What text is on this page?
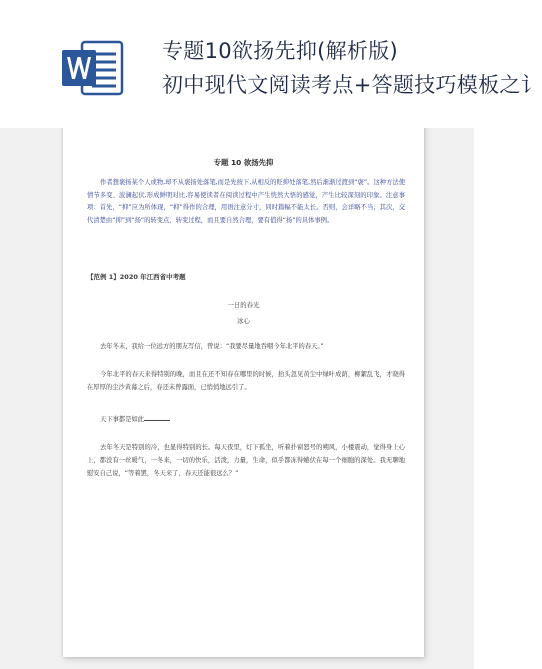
专题 10 欲扬先抑
作者想褒扬某个人或物,却不从褒扬处落笔,而是先按下,从相反的贬抑处落笔,然后渐渐过渡到“褒”。这种方法使情节多变、波澜起伏,形成鲜明对比,容易使读者在阅读过程中产生恍然大悟的感觉，产生比较深刻的印象。注意事项：首先，“抑”应为所体现，“抑”得作的合理，用语注意分寸，同时篇幅不能太长。否则，会详略不当；其次，交代清楚由“抑”到“扬”的转变点，转变过程，而且要自然合理，要有值得“扬”的具体事例。
【范例 1】2020 年江西省中考题
一日的春光
冰心
去年冬末，我给一位远方的朋友写信，曾说：“我要尽量地吞咽今年北平的春天。”
今年北平的春天来得特别的晚，而且在还不知春在哪里的时候，抬头忽见黄尘中绿叶成荫，柳絮乱飞，才晓得在厚厚的尘沙黄幕之后，春还未曾露面，已悄悄地远引了。
天下事都是如此
去年冬天是特别的冷，也显得特别的长。每天夜里，灯下孤坐，听着扑窗怒号的朔风，小楼震动，觉得身上心上，都没有一丝暖气，一冬来，一切的快乐，活泼，力量，生命，似乎都冻得蜷伏在每一个细胞的深处。我无聊地慰安自己说，“等着罢，冬天来了，春天还能很远么？”
专题10欲扬先抑(解析版)
初中现代文阅读考点+答题技巧模板之讠
